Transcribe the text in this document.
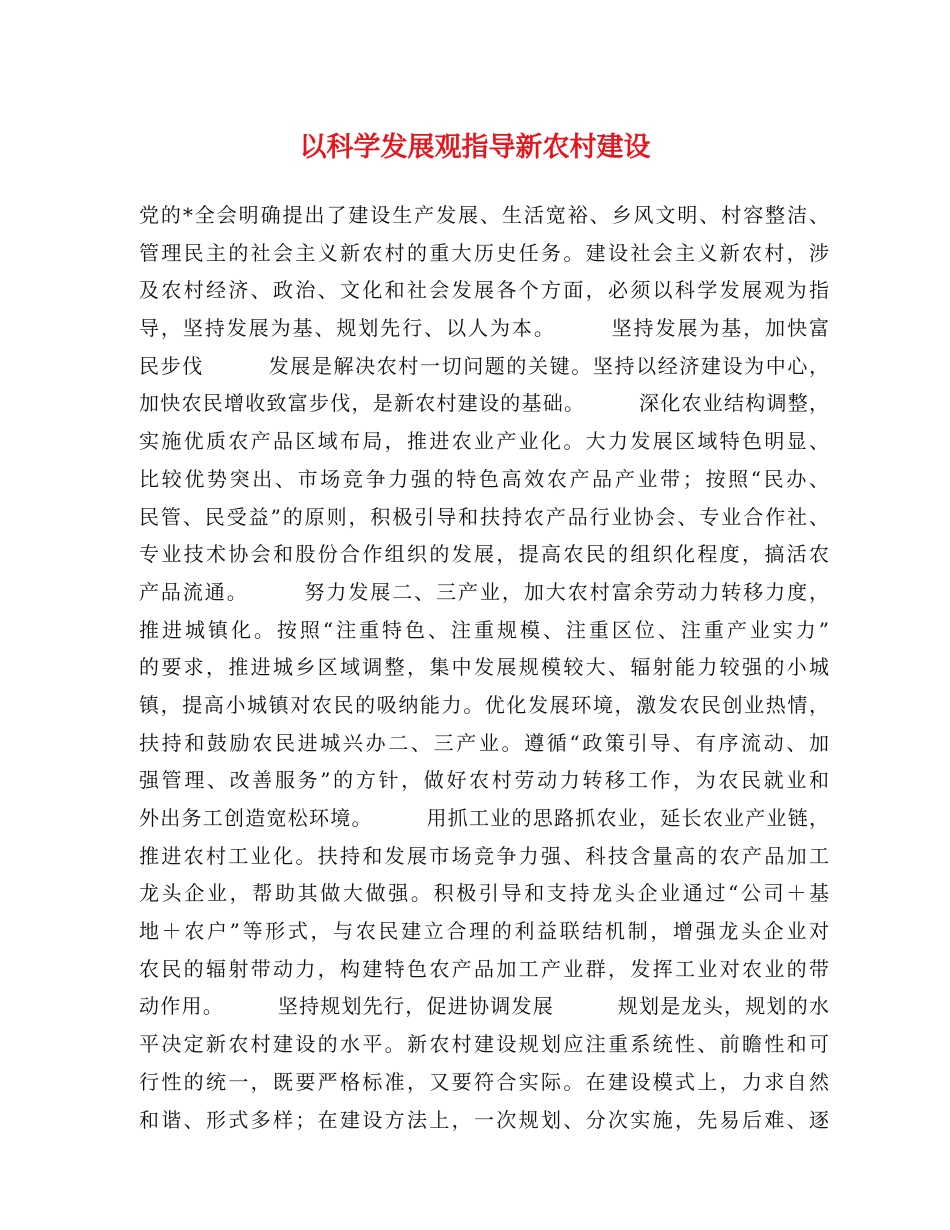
以科学发展观指导新农村建设
党的*全会明确提出了建设生产发展、生活宽裕、乡风文明、村容整洁、
管理民主的社会主义新农村的重大历史任务。建设社会主义新农村，涉
及农村经济、政治、文化和社会发展各个方面，必须以科学发展观为指
导，坚持发展为基、规划先行、以人为本。　　　坚持发展为基，加快富
民步伐　　　发展是解决农村一切问题的关键。坚持以经济建设为中心，
加快农民增收致富步伐，是新农村建设的基础。　　　深化农业结构调整，
实施优质农产品区域布局，推进农业产业化。大力发展区域特色明显、
比较优势突出、市场竞争力强的特色高效农产品产业带；按照“民办、
民管、民受益”的原则，积极引导和扶持农产品行业协会、专业合作社、
专业技术协会和股份合作组织的发展，提高农民的组织化程度，搞活农
产品流通。　　　努力发展二、三产业，加大农村富余劳动力转移力度，
推进城镇化。按照“注重特色、注重规模、注重区位、注重产业实力”
的要求，推进城乡区域调整，集中发展规模较大、辐射能力较强的小城
镇，提高小城镇对农民的吸纳能力。优化发展环境，激发农民创业热情，
扶持和鼓励农民进城兴办二、三产业。遵循“政策引导、有序流动、加
强管理、改善服务”的方针，做好农村劳动力转移工作，为农民就业和
外出务工创造宽松环境。　　　用抓工业的思路抓农业，延长农业产业链，
推进农村工业化。扶持和发展市场竞争力强、科技含量高的农产品加工
龙头企业，帮助其做大做强。积极引导和支持龙头企业通过“公司＋基
地＋农户”等形式，与农民建立合理的利益联结机制，增强龙头企业对
农民的辐射带动力，构建特色农产品加工产业群，发挥工业对农业的带
动作用。　　　坚持规划先行，促进协调发展　　　规划是龙头，规划的水
平决定新农村建设的水平。新农村建设规划应注重系统性、前瞻性和可
行性的统一，既要严格标准，又要符合实际。在建设模式上，力求自然
和谐、形式多样；在建设方法上，一次规划、分次实施，先易后难、逐
